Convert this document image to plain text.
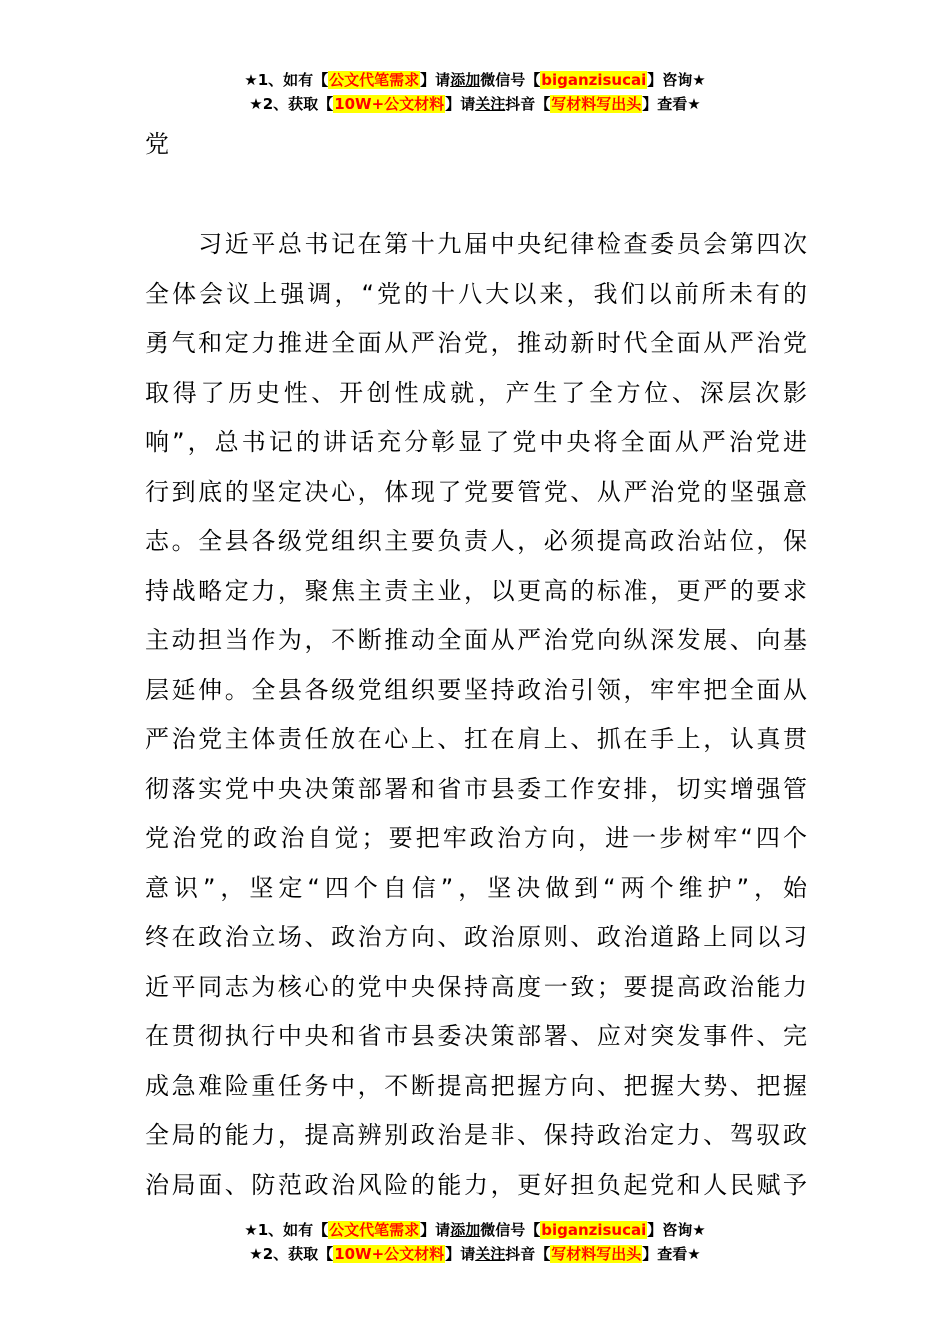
★1、如有【公文代笔需求】请添加微信号【biganzisucai】咨询★
★2、获取【10W+公文材料】请关注抖音【写材料写出头】查看★
党
　　习近平总书记在第十九届中央纪律检查委员会第四次
全体会议上强调，“党的十八大以来，我们以前所未有的
勇气和定力推进全面从严治党，推动新时代全面从严治党
取得了历史性、开创性成就，产生了全方位、深层次影
响”，总书记的讲话充分彰显了党中央将全面从严治党进
行到底的坚定决心，体现了党要管党、从严治党的坚强意
志。全县各级党组织主要负责人，必须提高政治站位，保
持战略定力，聚焦主责主业，以更高的标准，更严的要求
主动担当作为，不断推动全面从严治党向纵深发展、向基
层延伸。全县各级党组织要坚持政治引领，牢牢把全面从
严治党主体责任放在心上、扛在肩上、抓在手上，认真贯
彻落实党中央决策部署和省市县委工作安排，切实增强管
党治党的政治自觉；要把牢政治方向，进一步树牢“四个
意识”，坚定“四个自信”，坚决做到“两个维护”，始
终在政治立场、政治方向、政治原则、政治道路上同以习
近平同志为核心的党中央保持高度一致；要提高政治能力
在贯彻执行中央和省市县委决策部署、应对突发事件、完
成急难险重任务中，不断提高把握方向、把握大势、把握
全局的能力，提高辨别政治是非、保持政治定力、驾驭政
治局面、防范政治风险的能力，更好担负起党和人民赋予
★1、如有【公文代笔需求】请添加微信号【biganzisucai】咨询★
★2、获取【10W+公文材料】请关注抖音【写材料写出头】查看★
